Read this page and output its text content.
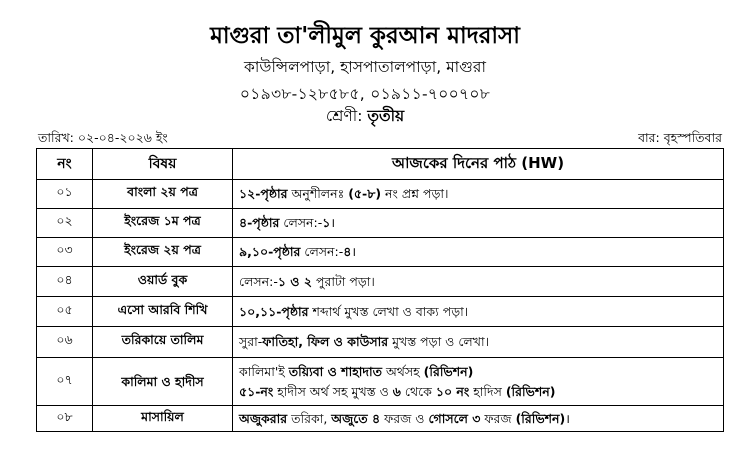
মাগুরা তা'লীমুল কুরআন মাদরাসা
কাউন্সিলপাড়া, হাসপাতালপাড়া, মাগুরা
০১৯৩৮-১২৮৫৮৫, ০১৯১১-৭০০৭০৮
শ্রেণী: তৃতীয়
তারিখ: ০২-০৪-২০২৬ ইং	বার: বৃহস্পতিবার
নং	বিষয়	আজকের দিনের পাঠ (HW)
০১	বাংলা ২য় পত্র	১২-পৃষ্ঠার অনুশীলনঃ (৫-৮) নং প্রশ্ন পড়া।

০২	ইংরেজ ১ম পত্র	৪-পৃষ্ঠার লেসন:-১।

০৩	ইংরেজ ২য় পত্র	৯,১০-পৃষ্ঠার লেসন:-৪।

০৪	ওয়ার্ড বুক	লেসন:-১ ও ২ পুরাটা পড়া।

০৫	এসো আরবি শিখি	১০,১১-পৃষ্ঠার শব্দার্থ মুখস্ত লেখা ও বাক্য পড়া।

০৬	তরিকায়ে তালিম	সুরা-ফাতিহা, ফিল ও কাউসার মুখস্ত পড়া ও লেখা।

০৭	কালিমা ও হাদীস	কালিমা'ই তয়্যিবা ও শাহাদাত অর্থসহ (রিভিশন)
৫১-নং হাদীস অর্থ সহ মুখস্ত ও ৬ থেকে ১০ নং হাদিস (রিভিশন)

০৮	মাসায়িল	অজুকরার তরিকা, অজুতে ৪ ফরজ ও গোসলে ৩ ফরজ (রিভিশন)।
